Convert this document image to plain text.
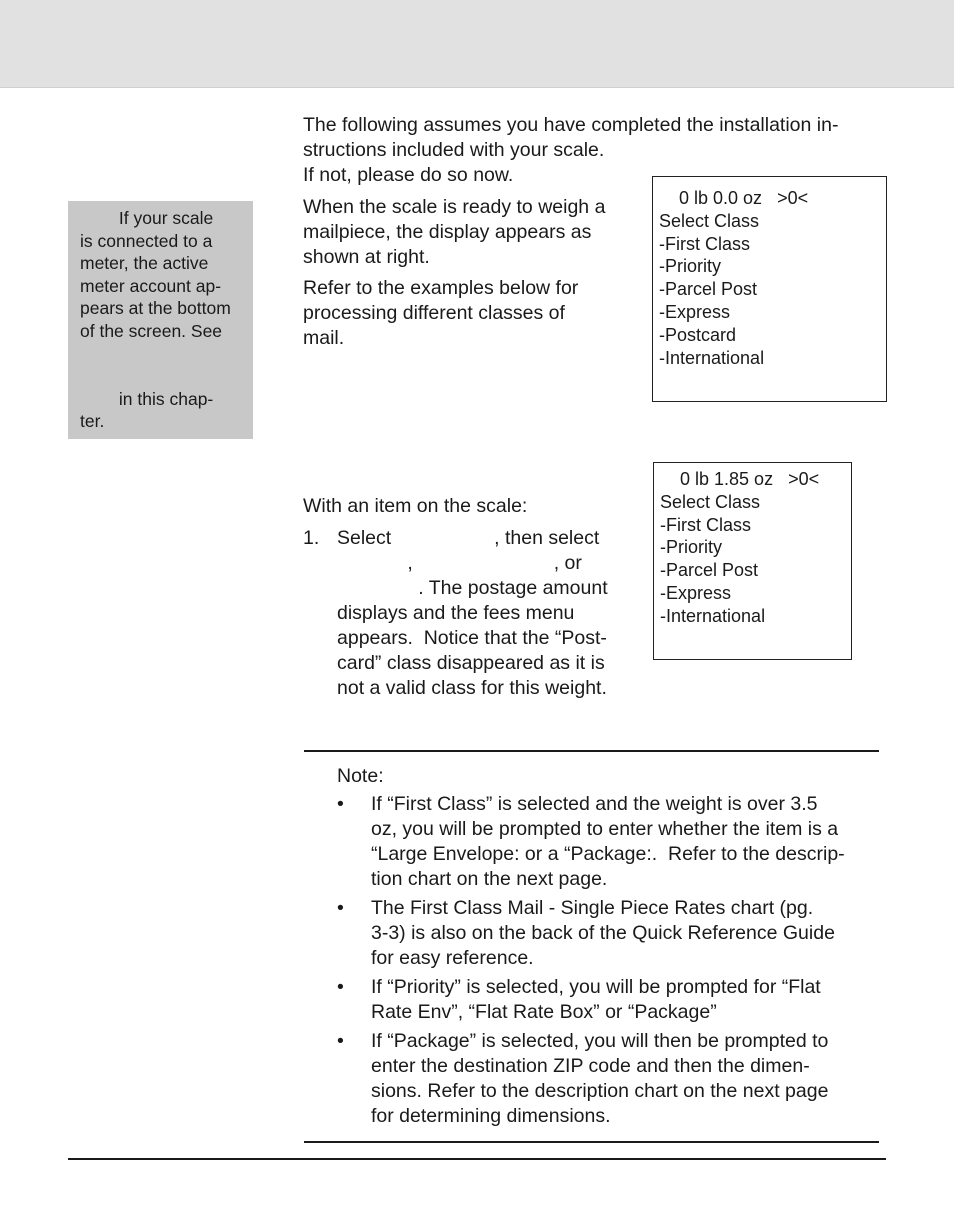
If your scale
is connected to a
meter, the active
meter account ap-
pears at the bottom
of the screen. See

in this chap-
ter.
The following assumes you have completed the installation in-
structions included with your scale.
If not, please do so now.
When the scale is ready to weigh a
mailpiece, the display appears as
shown at right.
Refer to the examples below for
processing different classes of
mail.
0 lb 0.0 oz   >0<
Select Class
-First Class
-Priority
-Parcel Post
-Express
-Postcard
-International
0 lb 1.85 oz   >0<
Select Class
-First Class
-Priority
-Parcel Post
-Express
-International
With an item on the scale:
1. Select                   , then select
,                          , or
. The postage amount
displays and the fees menu
appears.  Notice that the “Post-
card” class disappeared as it is
not a valid class for this weight.
Note:
• If “First Class” is selected and the weight is over 3.5
oz, you will be prompted to enter whether the item is a
“Large Envelope: or a “Package:.  Refer to the descrip-
tion chart on the next page.
• The First Class Mail - Single Piece Rates chart (pg.
3-3) is also on the back of the Quick Reference Guide
for easy reference.
• If “Priority” is selected, you will be prompted for “Flat
Rate Env”, “Flat Rate Box” or “Package”
• If “Package” is selected, you will then be prompted to
enter the destination ZIP code and then the dimen-
sions. Refer to the description chart on the next page
for determining dimensions.
